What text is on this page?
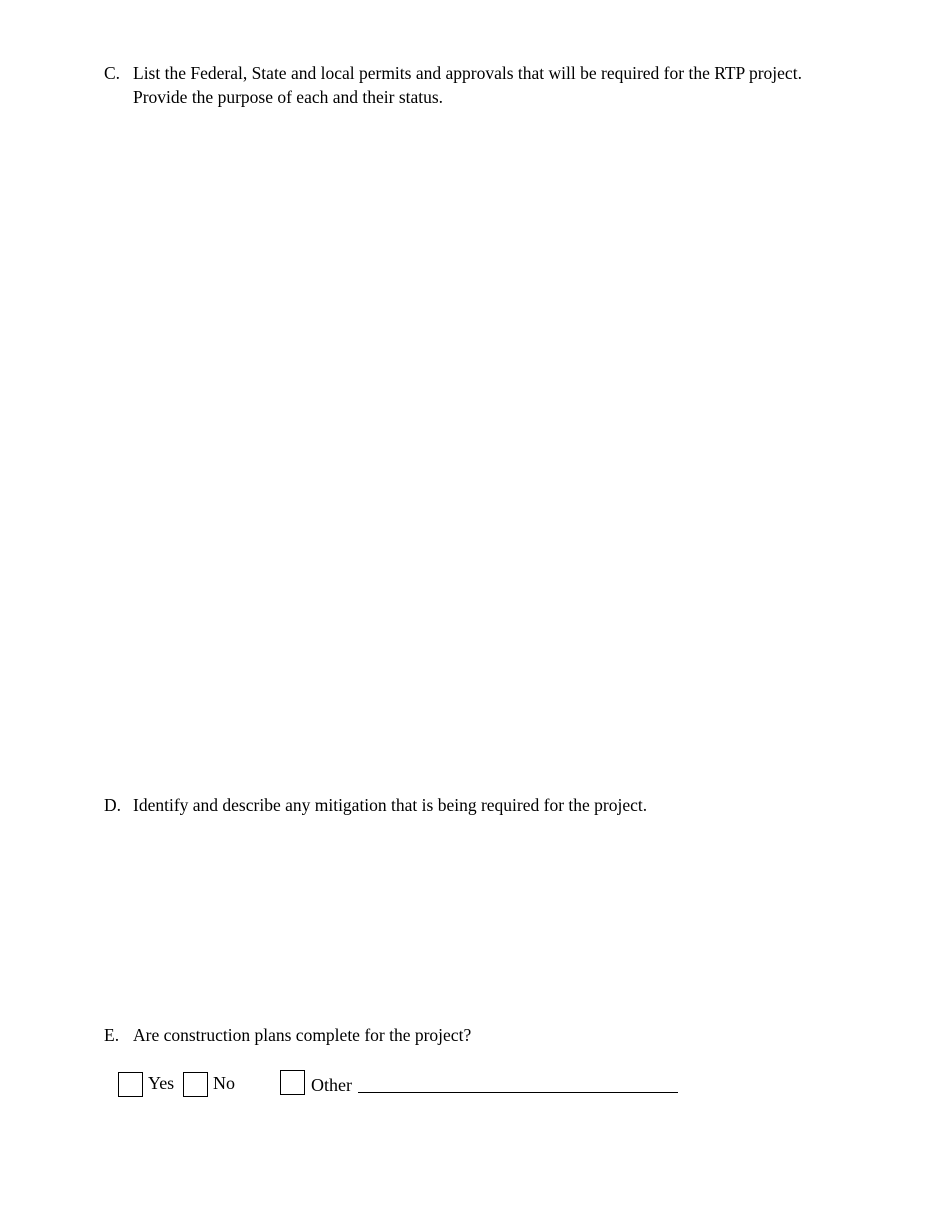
C. List the Federal, State and local permits and approvals that will be required for the RTP project. Provide the purpose of each and their status.
D. Identify and describe any mitigation that is being required for the project.
E. Are construction plans complete for the project?
Yes No	Other
